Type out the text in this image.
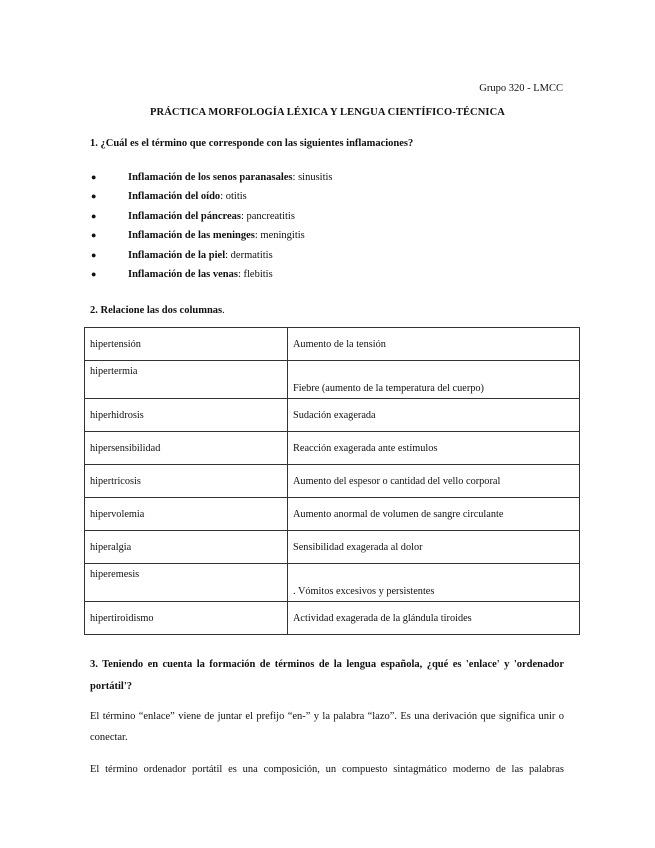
Grupo 320 - LMCC
PRÁCTICA MORFOLOGÍA LÉXICA Y LENGUA CIENTÍFICO-TÉCNICA
1. ¿Cuál es el término que corresponde con las siguientes inflamaciones?
●	Inflamación de los senos paranasales: sinusitis
●	Inflamación del oído: otitis
●	Inflamación del páncreas: pancreatitis
●	Inflamación de las meninges: meningitis
●	Inflamación de la piel: dermatitis
●	Inflamación de las venas: flebitis
2. Relacione las dos columnas.
hipertensión	Aumento de la tensión
hipertermia	Fiebre (aumento de la temperatura del cuerpo)
hiperhidrosis	Sudación exagerada
hipersensibilidad	Reacción exagerada ante estímulos
hipertricosis	Aumento del espesor o cantidad del vello corporal
hipervolemia	Aumento anormal de volumen de sangre circulante
hiperalgia	Sensibilidad exagerada al dolor
hiperemesis	. Vómitos excesivos y persistentes
hipertiroidismo	Actividad exagerada de la glándula tiroides
3. Teniendo en cuenta la formación de términos de la lengua española, ¿qué es 'enlace' y 'ordenador portátil'?
El término “enlace” viene de juntar el prefijo “en-” y la palabra “lazo”. Es una derivación que significa unir o conectar.
El término ordenador portátil es una composición, un compuesto sintagmático moderno de las palabras
